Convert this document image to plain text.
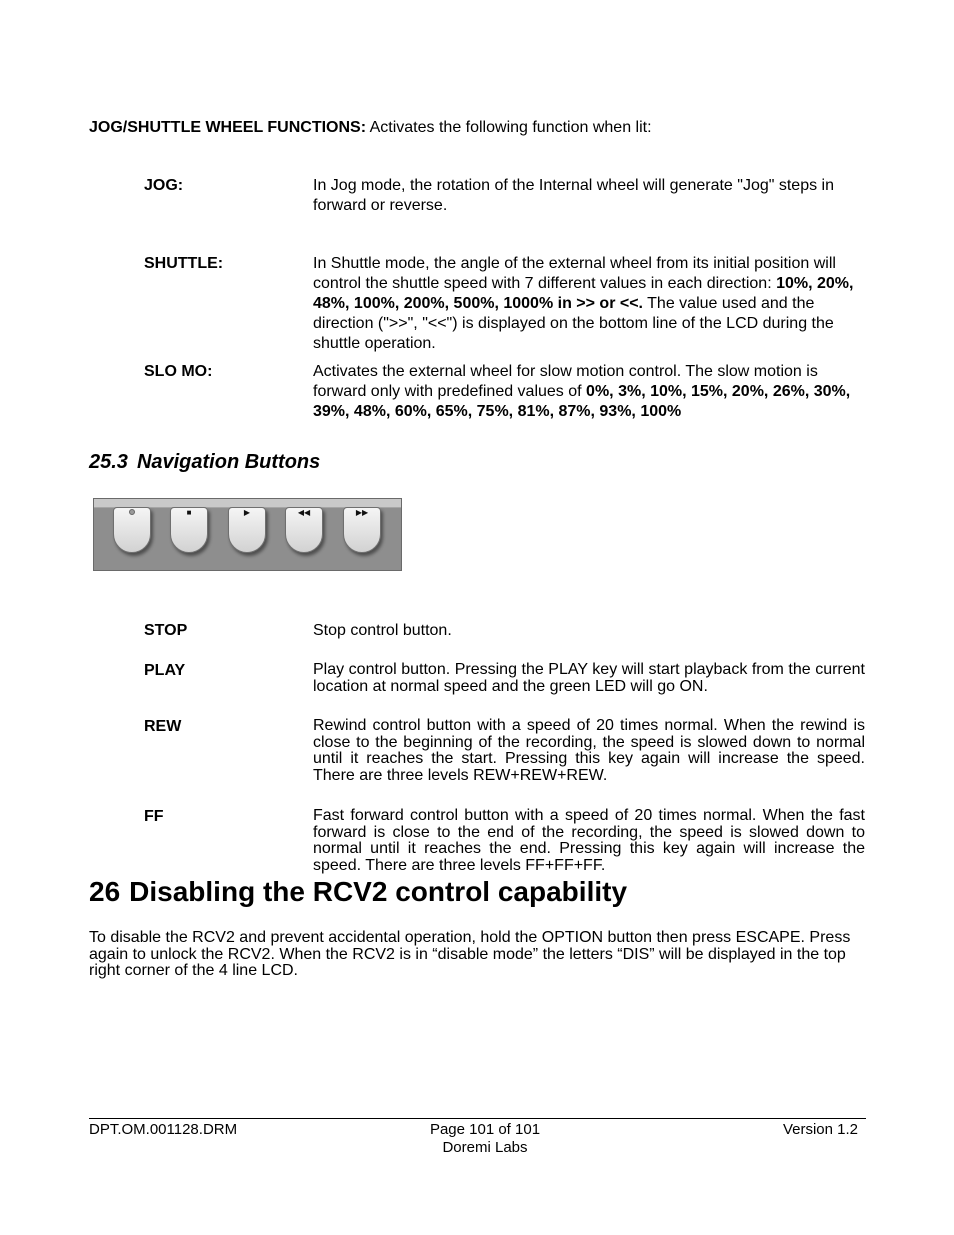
JOG/SHUTTLE WHEEL FUNCTIONS: Activates the following function when lit:
JOG:	In Jog mode, the rotation of the Internal wheel will generate "Jog" steps in forward or reverse.
SHUTTLE:	In Shuttle mode, the angle of the external wheel from its initial position will control the shuttle speed with 7 different values in each direction: 10%, 20%, 48%, 100%, 200%, 500%, 1000% in >> or <<. The value used and the direction (">>", "<<") is displayed on the bottom line of the LCD during the shuttle operation.
SLO MO:	Activates the external wheel for slow motion control. The slow motion is forward only with predefined values of 0%, 3%, 10%, 15%, 20%, 26%, 30%, 39%, 48%, 60%, 65%, 75%, 81%, 87%, 93%, 100%
25.3 Navigation Buttons
■	▶	◀◀	▶▶
STOP	Stop control button.
PLAY	Play control button. Pressing the PLAY key will start playback from the current location at normal speed and the green LED will go ON.
REW	Rewind control button with a speed of 20 times normal. When the rewind is close to the beginning of the recording, the speed is slowed down to normal until it reaches the start. Pressing this key again will increase the speed. There are three levels REW+REW+REW.
FF	Fast forward control button with a speed of 20 times normal. When the fast forward is close to the end of the recording, the speed is slowed down to normal until it reaches the end. Pressing this key again will increase the speed. There are three levels FF+FF+FF.
26 Disabling the RCV2 control capability
To disable the RCV2 and prevent accidental operation, hold the OPTION button then press ESCAPE. Press again to unlock the RCV2. When the RCV2 is in “disable mode” the letters “DIS” will be displayed in the top right corner of the 4 line LCD.
DPT.OM.001128.DRM	Page 101 of 101
Doremi Labs
Version 1.2
